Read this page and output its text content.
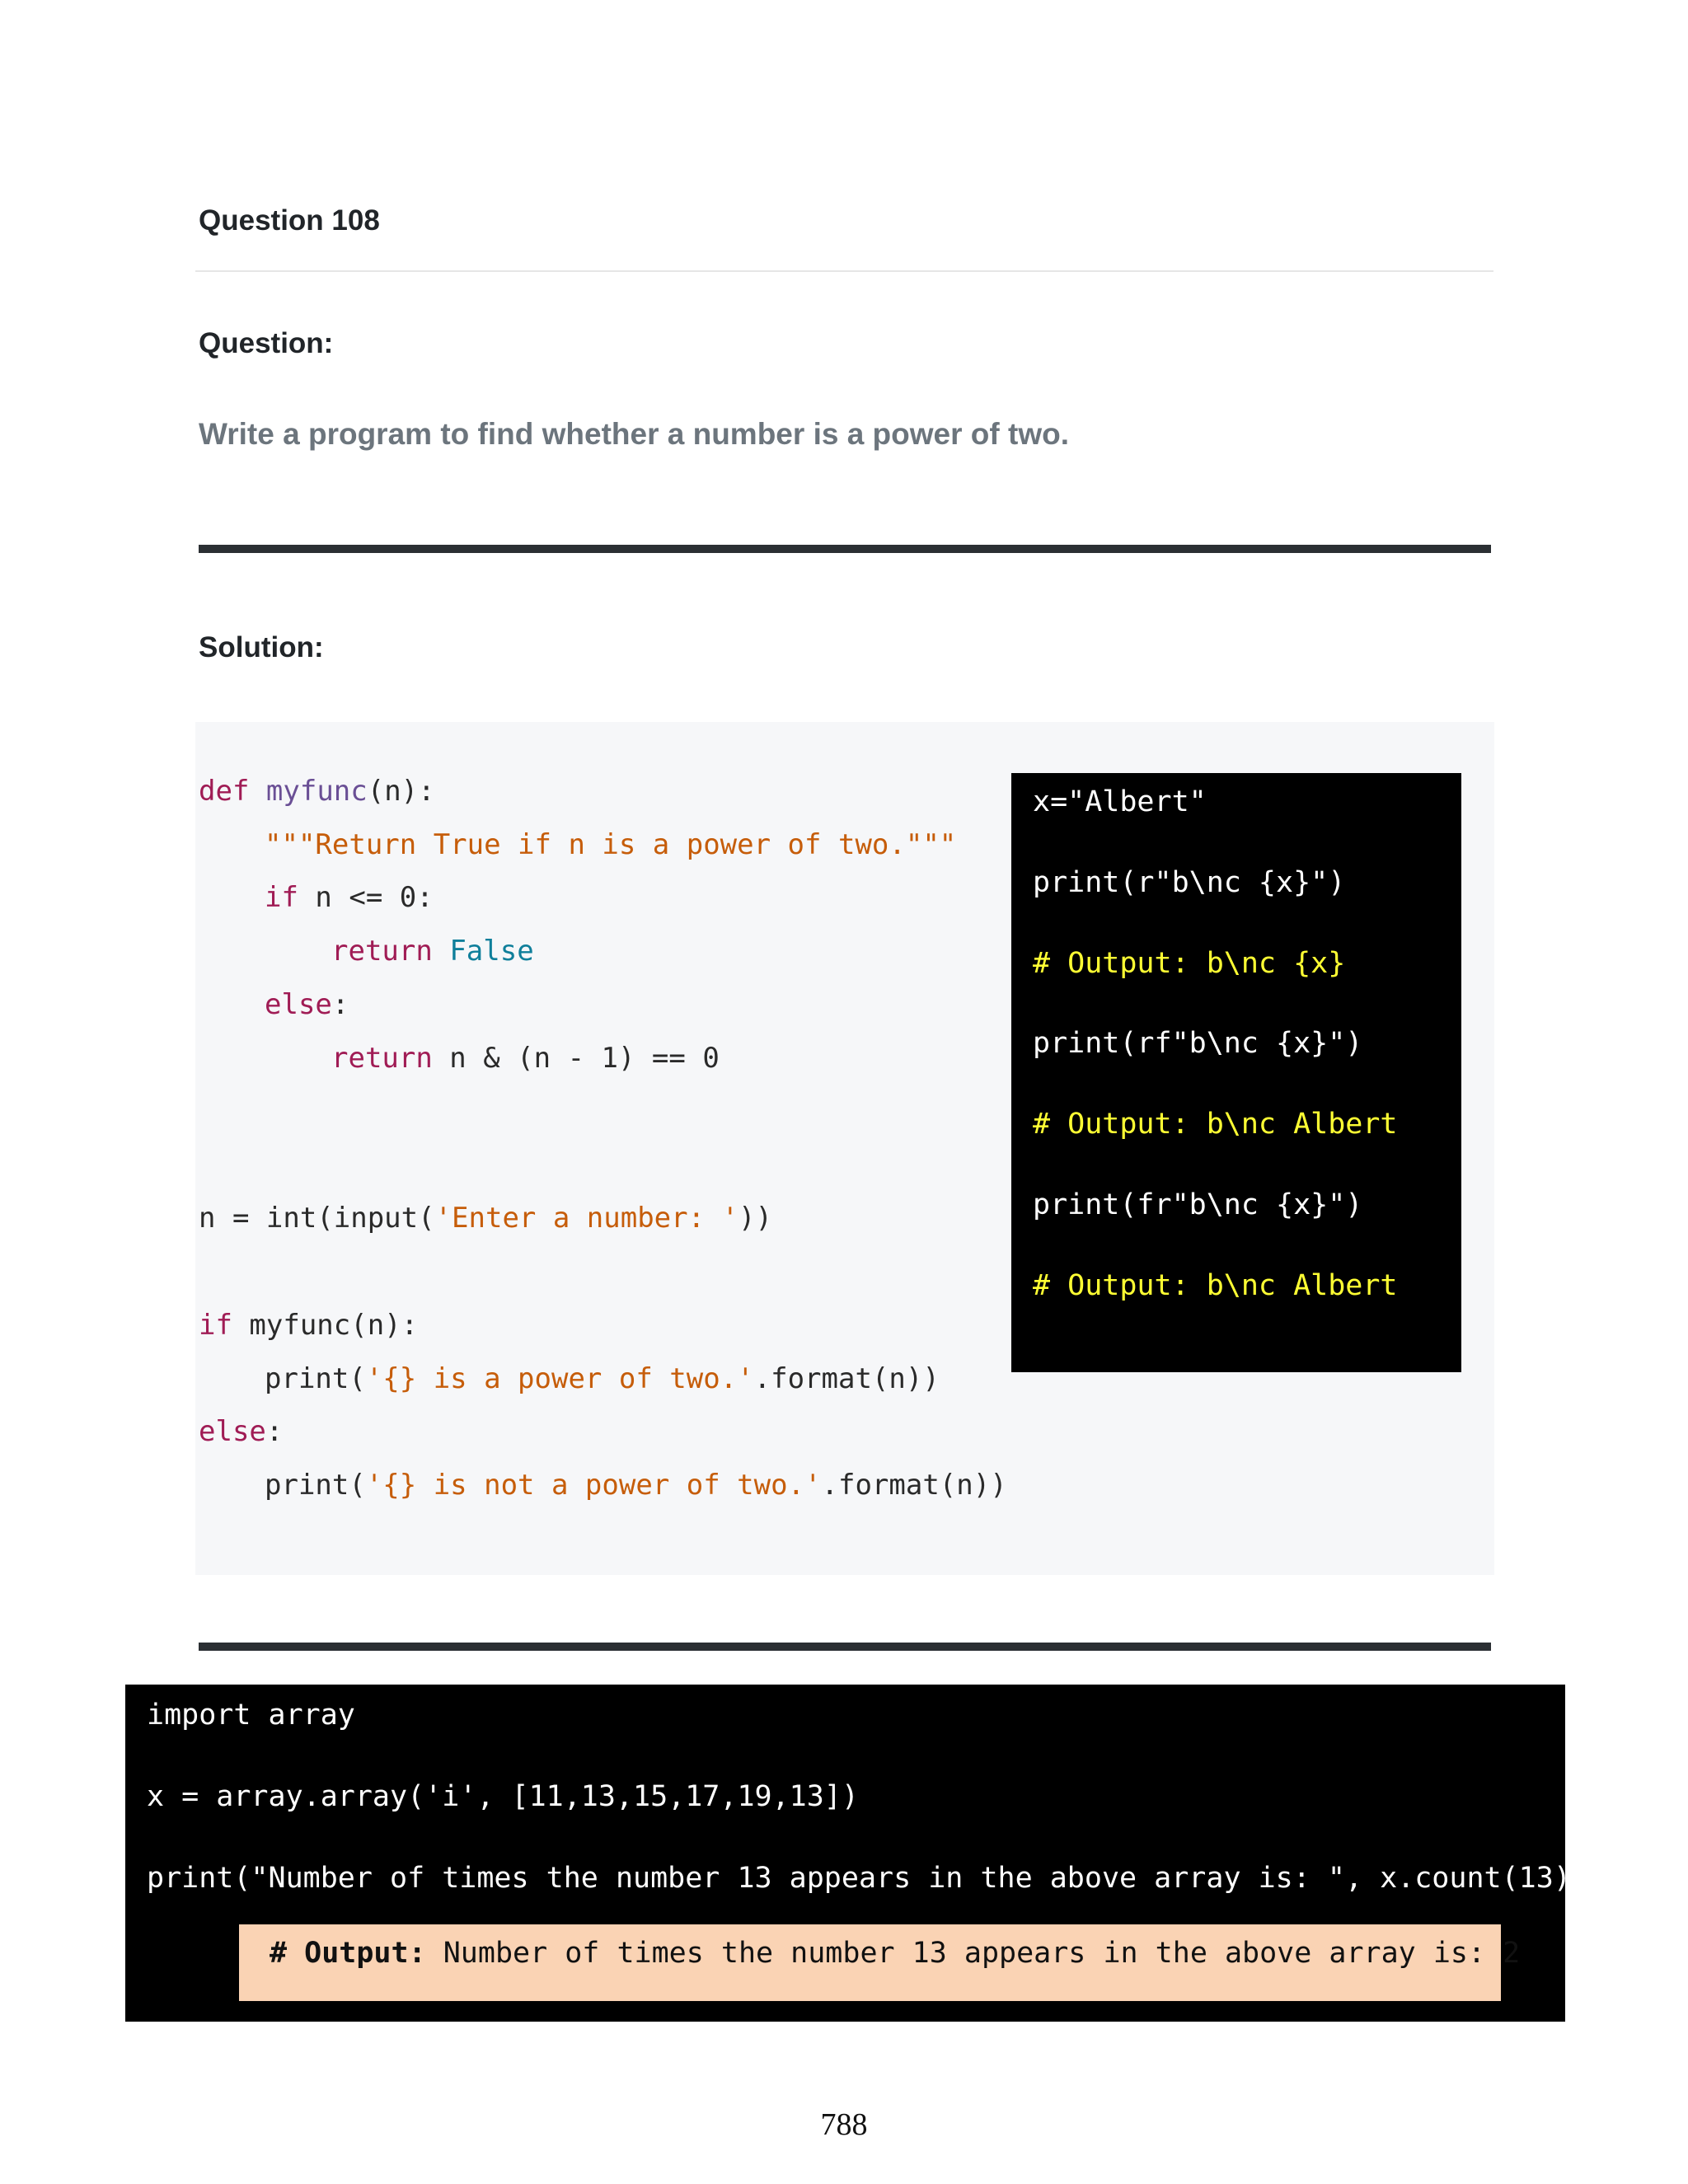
Question 108
Question:
Write a program to find whether a number is a power of two.
Solution:
def myfunc(n):
"""Return True if n is a power of two."""
if n <= 0:
return False
else:
return n & (n - 1) == 0
n = int(input('Enter a number: '))
if myfunc(n):
print('{} is a power of two.'.format(n))
else:
print('{} is not a power of two.'.format(n))
x="Albert"
print(r"b\nc {x}")
# Output: b\nc {x}
print(rf"b\nc {x}")
# Output: b\nc Albert
print(fr"b\nc {x}")
# Output: b\nc Albert
import array
x = array.array('i', [11,13,15,17,19,13])
print("Number of times the number 13 appears in the above array is: ", x.count(13))
# Output: Number of times the number 13 appears in the above array is: 2
788
